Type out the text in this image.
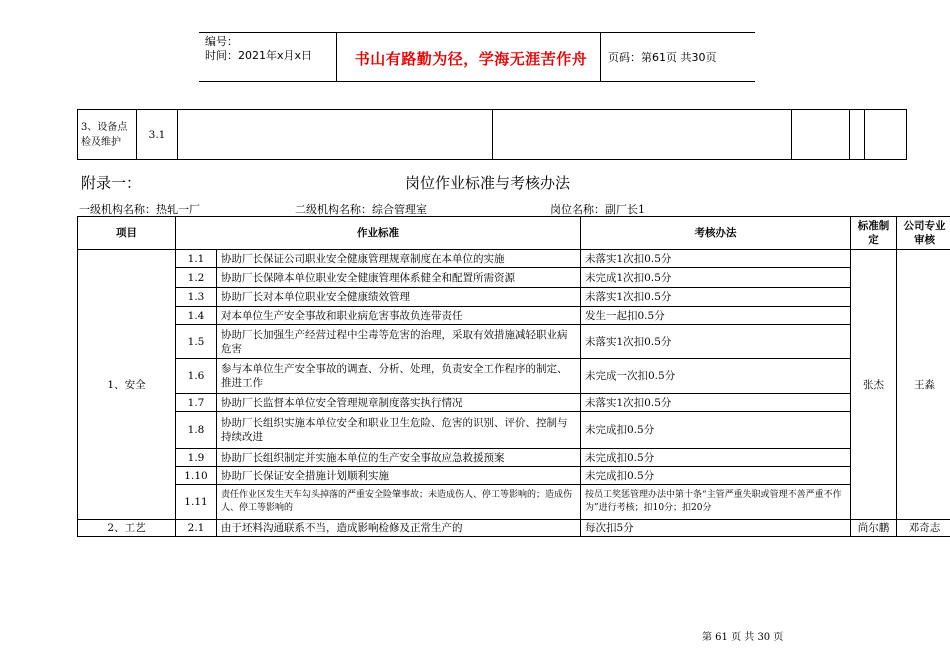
编号：
时间：2021年x月x日	书山有路勤为径，学海无涯苦作舟	页码：第61页 共30页
3、设备点检及维护	3.1					
附录一：	岗位作业标准与考核办法
一级机构名称：热轧一厂	二级机构名称：综合管理室	岗位名称：副厂长1
项目	作业标准		考核办法	标准制定	公司专业审核
1、安全	1.1	协助厂长保证公司职业安全健康管理规章制度在本单位的实施	未落实1次扣0.5分	张杰	王淼
	1.2	协助厂长保障本单位职业安全健康管理体系健全和配置所需资源	未完成1次扣0.5分		
	1.3	协助厂长对本单位职业安全健康绩效管理	未落实1次扣0.5分		
	1.4	对本单位生产安全事故和职业病危害事故负连带责任	发生一起扣0.5分		
	1.5	协助厂长加强生产经营过程中尘毒等危害的治理，采取有效措施减轻职业病危害	未落实1次扣0.5分		
	1.6	参与本单位生产安全事故的调查、分析、处理，负责安全工作程序的制定、推进工作	未完成一次扣0.5分		
	1.7	协助厂长监督本单位安全管理规章制度落实执行情况	未落实1次扣0.5分		
	1.8	协助厂长组织实施本单位安全和职业卫生危险、危害的识别、评价、控制与持续改进	未完成扣0.5分		
	1.9	协助厂长组织制定并实施本单位的生产安全事故应急救援预案	未完成扣0.5分		
	1.10	协助厂长保证安全措施计划顺利实施	未完成扣0.5分		
	1.11	责任作业区发生天车勾头掉落的严重安全险肇事故；未造成伤人、停工等影响的；造成伤人、停工等影响的	按员工奖惩管理办法中第十条“主管严重失职或管理不善严重不作为”进行考核；扣10分；扣20分		
2、工艺	2.1	由于坯料沟通联系不当，造成影响检修及正常生产的	每次扣5分	尚尔鹏	邓奇志
第 61 页 共 30 页
